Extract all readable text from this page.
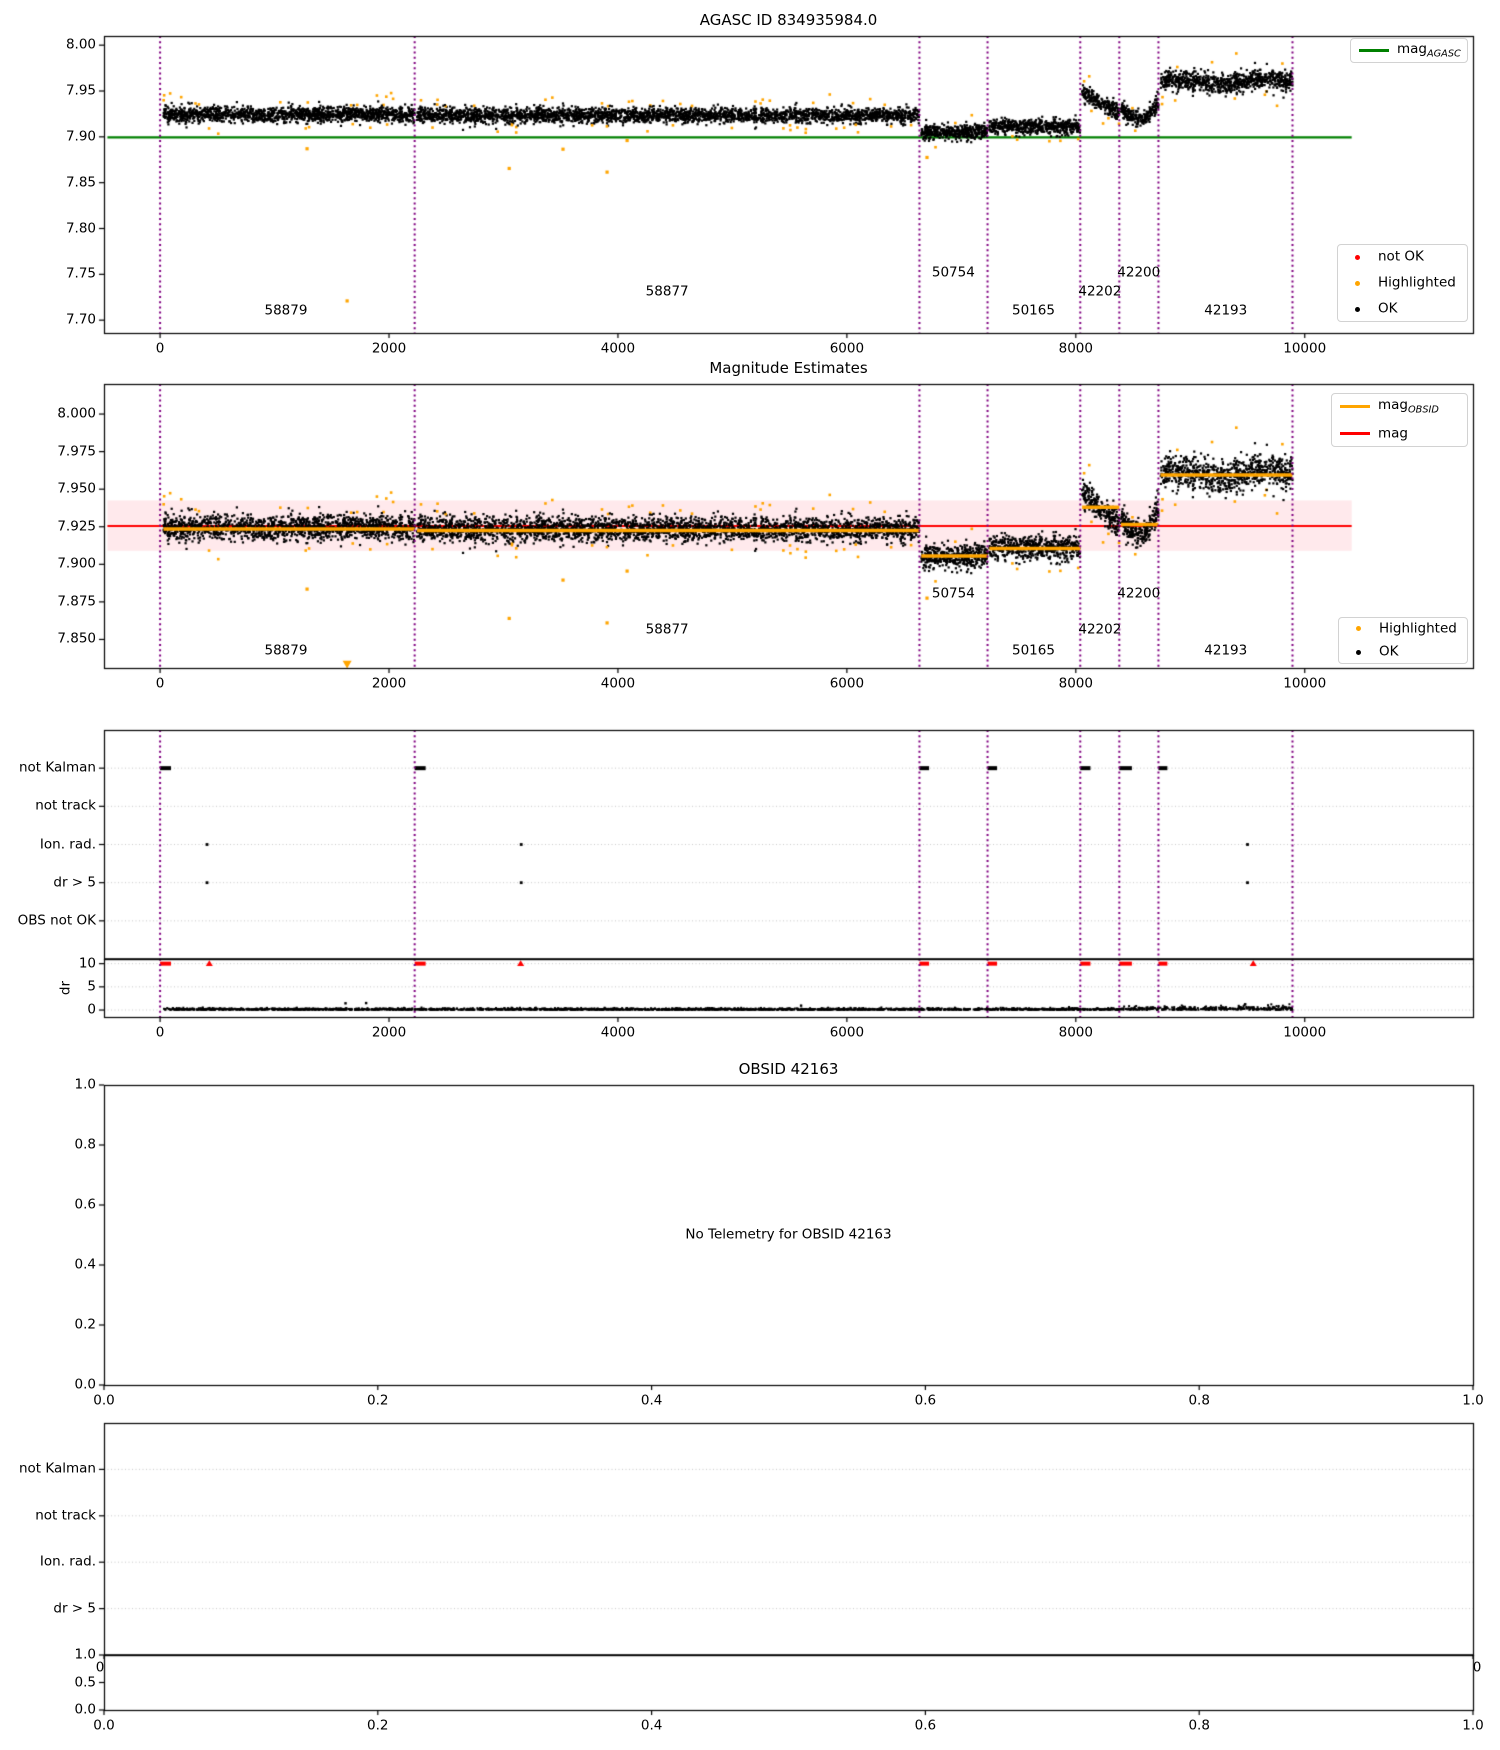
0	2000	4000	6000	8000	10000
8.00
7.95
7.90
7.85
7.80
7.75
7.70
AGASC ID 834935984.0
58879
58877
50754
50165
42202
42200
42193
mag$_{AGASC}$
not OK
Highlighted
OK
0	2000	4000	6000	8000	10000
8.000
7.975
7.950
7.925
7.900
7.875
7.850
Magnitude Estimates
58879
58877
50754
50165
42202
42200
42193
mag$_{OBSID}$
mag
Highlighted
OK
not Kalman
not track
Ion. rad.
dr > 5
OBS not OK
0
5
10
0	2000	4000	6000	8000	10000
dr
0.0	0.2	0.4	0.6	0.8	1.0
1.0
0.8
0.6
0.4
0.2
0.0
OBSID 42163
No Telemetry for OBSID 42163
not Kalman
not track
Ion. rad.
dr > 5
0	0
1.0
0.5
0.0
0.0	0.2	0.4	0.6	0.8	1.0
